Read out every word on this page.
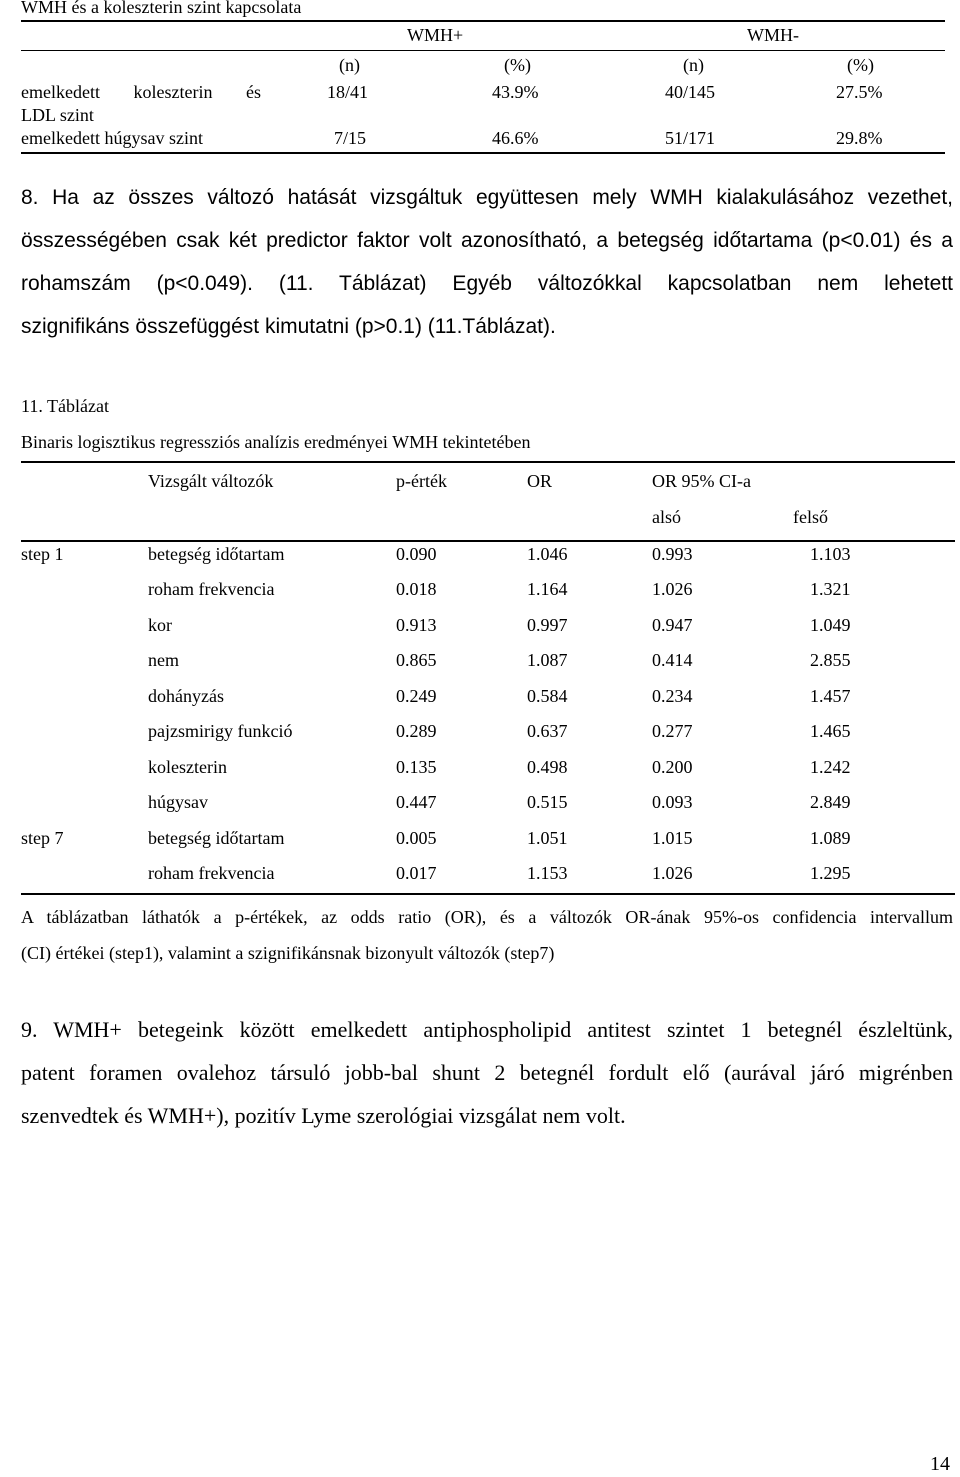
WMH és a koleszterin szint kapcsolata
WMH+	WMH-
(n)	(%)	(n)	(%)
emelkedett koleszterin és
LDL szint
18/41	43.9%	40/145	27.5%
emelkedett húgysav szint	7/15	46.6%	51/171	29.8%
8. Ha az összes változó hatását vizsgáltuk együttesen mely WMH kialakulásához vezethet,
összességében csak két predictor faktor volt azonosítható, a betegség időtartama (p<0.01) és a
rohamszám (p<0.049). (11. Táblázat) Egyéb változókkal kapcsolatban nem lehetett
szignifikáns összefüggést kimutatni (p>0.1) (11.Táblázat).
11. Táblázat
Binaris logisztikus regressziós analízis eredményei WMH tekintetében
Vizsgált változók	p-érték	OR	OR 95% CI-a
alsó	felső
step 1	betegség időtartam	0.090	1.046	0.993	1.103
roham frekvencia	0.018	1.164	1.026	1.321
kor	0.913	0.997	0.947	1.049
nem	0.865	1.087	0.414	2.855
dohányzás	0.249	0.584	0.234	1.457
pajzsmirigy funkció	0.289	0.637	0.277	1.465
koleszterin	0.135	0.498	0.200	1.242
húgysav	0.447	0.515	0.093	2.849
step 7	betegség időtartam	0.005	1.051	1.015	1.089
roham frekvencia	0.017	1.153	1.026	1.295
A táblázatban láthatók a p-értékek, az odds ratio (OR), és a változók OR-ának 95%-os confidencia intervallum
(CI) értékei (step1), valamint a szignifikánsnak bizonyult változók (step7)
9. WMH+ betegeink között emelkedett antiphospholipid antitest szintet 1 betegnél észleltünk,
patent foramen ovalehoz társuló jobb-bal shunt 2 betegnél fordult elő (aurával járó migrénben
szenvedtek és WMH+), pozitív Lyme szerológiai vizsgálat nem volt.
14
